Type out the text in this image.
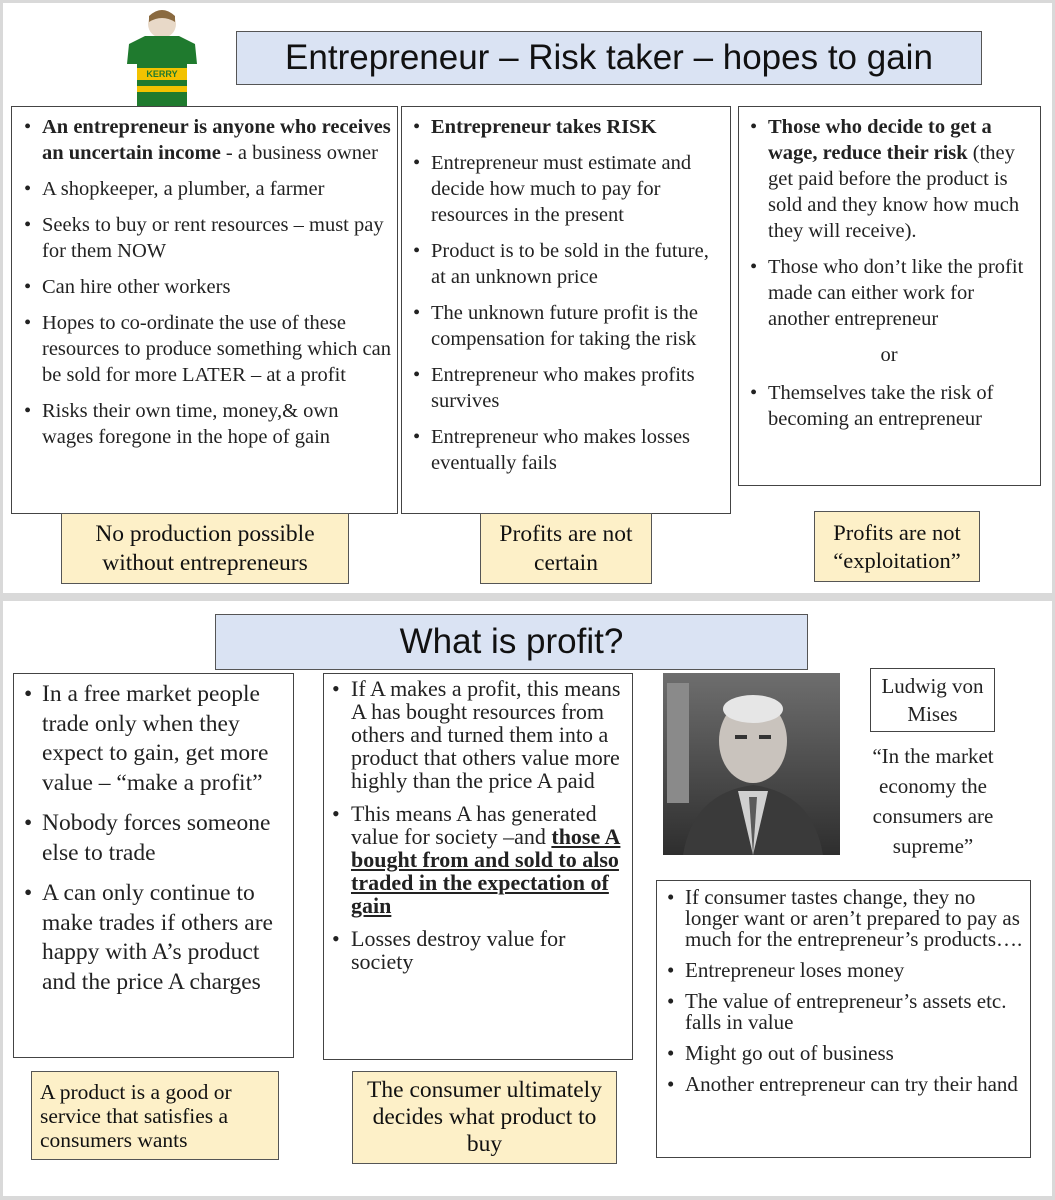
KERRY	Entrepreneur – Risk taker – hopes to gain
• An entrepreneur is anyone who receives an uncertain income - a business owner
• A shopkeeper, a plumber, a farmer
• Seeks to buy or rent resources – must pay for them NOW
• Can hire other workers
• Hopes to co-ordinate the use of these resources to produce something which can be sold for more LATER – at a profit
• Risks their own time, money,& own wages foregone in the hope of gain
• Entrepreneur takes RISK
• Entrepreneur must estimate and decide how much to pay for resources in the present
• Product is to be sold in the future, at an unknown price
• The unknown future profit is the compensation for taking the risk
• Entrepreneur who makes profits survives
• Entrepreneur who makes losses eventually fails
• Those who decide to get a wage, reduce their risk (they get paid before the product is sold and they know how much they will receive).
• Those who don’t like the profit made can either work for another entrepreneur
or
• Themselves take the risk of becoming an entrepreneur
No production possible without entrepreneurs
Profits are not certain
Profits are not “exploitation”
What is profit?
• In a free market people trade only when they expect to gain, get more value – “make a profit”
• Nobody forces someone else to trade
• A can only continue to make trades if others are happy with A’s product and the price A charges
• If A makes a profit, this means A has bought resources from others and turned them into a product that others value more highly than the price A paid
• This means A has generated value for society –and those A bought from and sold to also traded in the expectation of gain
• Losses destroy value for society
Ludwig von Mises
“In the market economy the consumers are supreme”
• If consumer tastes change, they no longer want or aren’t prepared to pay as much for the entrepreneur’s products….
• Entrepreneur loses money
• The value of entrepreneur’s assets etc. falls in value
• Might go out of business
• Another entrepreneur can try their hand
A product is a good or service that satisfies a consumers wants
The consumer ultimately decides what product to buy
